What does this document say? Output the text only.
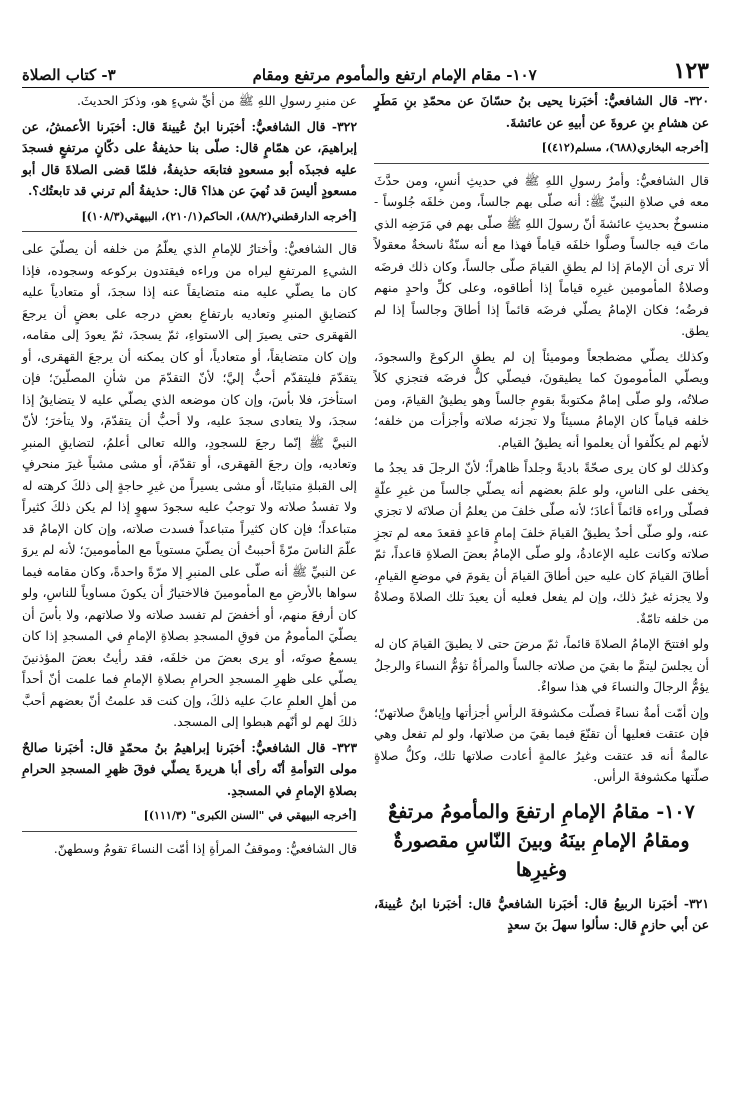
١٢٣
١٠٧- مقام الإمام ارتفع والمأموم مرتفع ومقام
٣- كتاب الصلاة

٣٢٠- قال الشافعيُّ: أخبَرنا يحيى بنُ حسّانَ عن محمّدِ بنِ مَطَرٍ عن هشامِ بنِ عروةَ عن أبيهِ عن عائشةَ.

[أخرجه البخاري(٦٨٨)، مسلم(٤١٢)]

قال الشافعيُّ: وأمرُ رسولِ اللهِ ﷺ في حديثِ أنسٍ، ومن حدَّثَ معه في صلاةِ النبيِّ ﷺ: أنه صلّى بهم جالساً، ومن خلفَه جُلوساً - منسوخٌ بحديثِ عائشةَ أنّ رسولَ اللهِ ﷺ صلّى بهم في مَرَضِه الذي ماتَ فيه جالساً وصلَّوا خلفَه قياماً فهذا مع أنه سنّةٌ ناسخةٌ معقولاً ألا ترى أن الإمامَ إذا لم يطقِ القيامَ صلّى جالساً، وكان ذلك فرضَه وصلاةُ المأمومين غيرِه قياماً إذا أطاقوه، وعلى كلِّ واحدٍ منهم فرضُه؛ فكان الإمامُ يصلّي فرضَه قائماً إذا أطاقَ وجالساً إذا لم يطق.

وكذلك يصلّي مضطجعاً وموميئاً إن لم يطقِ الركوعَ والسجودَ، ويصلّي المأمومونَ كما يطيقونَ، فيصلّي كلٌّ فرضَه فتجزي كلاً صلاتُه، ولو صلّى إمامٌ مكتوبةً بقومٍ جالساً وهو يطيقُ القيامَ، ومن خلفه قياماً كان الإمامُ مسيئاً ولا تجزئه صلاته وأجزأت من خلفه؛ لأنهم لم يكلّفوا أن يعلموا أنه يطيقُ القيام.

وكذلك لو كان يرى صحّةً باديةً وجلداً ظاهراً؛ لأنّ الرجلَ قد يجدُ ما يخفى على الناسِ، ولو علمَ بعضهم أنه يصلّي جالساً من غيرِ علّةٍ فصلّى وراءه قائماً أعادَ؛ لأنه صلّى خلفَ من يعلمُ أن صلاتَه لا تجزي عنه، ولو صلّى أحدٌ يطيقُ القيامَ خلفَ إمامٍ قاعدٍ فقعدَ معه لم تجزِ صلاته وكانت عليه الإعادةُ، ولو صلّى الإمامُ بعضَ الصلاةِ قاعداً، ثمّ أطاقَ القيامَ كان عليه حين أطاقَ القيامَ أن يقومَ في موضعِ القيامِ، ولا يجزئه غيرُ ذلك، وإن لم يفعل فعليه أن يعيدَ تلك الصلاةَ وصلاةُ من خلفه تامّةٌ.

ولو افتتحَ الإمامُ الصلاةَ قائماً، ثمّ مرضَ حتى لا يطيقَ القيامَ كان له أن يجلسَ ليتمَّ ما بقيَ من صلاته جالساً والمرأةُ تؤمُّ النساءَ والرجلُ يؤمُّ الرجالَ والنساءَ في هذا سواءٌ.

وإن أمّت أمةٌ نساءً فصلّت مكشوفةَ الرأسِ أجزأتها وإياهنَّ صلاتهنّ؛ فإن عتقت فعليها أن تقنّعَ فيما بقيَ من صلاتها، ولو لم تفعل وهي عالمةٌ أنه قد عتقت وغيرُ عالمةٍ أعادت صلاتها تلك، وكلُّ صلاةٍ صلّتها مكشوفةَ الرأس.

١٠٧- مقامُ الإمامِ ارتفعَ والمأمومُ مرتفعٌ ومقامُ الإمامِ بينَهُ وبينَ النّاسِ مقصورةٌ وغيرِها

٣٢١- أخبَرنا الربيعُ قال: أخبَرنا الشافعيُّ قال: أخبَرنا ابنُ عُيينةَ، عن أبي حازمٍ قال: سألوا سهلَ بنَ سعدٍ

عن منبرِ رسولِ اللهِ ﷺ من أيِّ شيءٍ هو، وذكرَ الحديثَ.

٣٢٢- قال الشافعيُّ: أخبَرنا ابنُ عُيينةَ قال: أخبَرنا الأعمشُ، عن إبراهيمَ، عن همّامٍ قال: صلّى بنا حذيفةُ على دكّانٍ مرتفعٍ فسجدَ عليه فجبذَه أبو مسعودٍ فتابعَه حذيفةُ، فلمّا قضى الصلاةَ قال أبو مسعودٍ أليسَ قد نُهيَ عن هذا؟ قال: حذيفةُ ألم ترني قد تابعتُك؟.

[أخرجه الدارقطني(٨٨/٢)، الحاكم(٢١٠/١)، البيهقي(١٠٨/٣)]

قال الشافعيُّ: وأختارُ للإمامِ الذي يعلّمُ من خلفه أن يصلّيَ على الشيءِ المرتفعِ ليراه من وراءه فيقتدون بركوعه وسجوده، فإذا كان ما يصلّي عليه منه متضايقاً عنه إذا سجدَ، أو متعادياً عليه كتضايقِ المنبرِ وتعاديه بارتفاعِ بعضِ درجه على بعضٍ أن يرجعَ القهقرى حتى يصيرَ إلى الاستواءِ، ثمّ يسجدَ، ثمّ يعودَ إلى مقامه، وإن كان متضايقاً، أو متعادياً، أو كان يمكنه أن يرجعَ القهقرى، أو يتقدّمَ فليتقدّم أحبُّ إليَّ؛ لأنّ التقدّمَ من شأنِ المصلّينَ؛ فإن استأخرَ، فلا بأسَ، وإن كان موضعه الذي يصلّي عليه لا يتضايقُ إذا سجدَ، ولا يتعادى سجدَ عليه، ولا أحبُّ أن يتقدّمَ، ولا يتأخرَ؛ لأنّ النبيَّ ﷺ إنّما رجعَ للسجودِ، والله تعالى أعلمُ، لتضايقِ المنبرِ وتعاديه، وإن رجعَ القهقرى، أو تقدّمَ، أو مشى مشياً غيرَ منحرفٍ إلى القبلةِ متباينًا، أو مشى يسيراً من غيرِ حاجةٍ إلى ذلكَ كرهته له ولا تفسدُ صلاته ولا توجبُ عليه سجودَ سهوٍ إذا لم يكن ذلكَ كثيراً متباعداً؛ فإن كان كثيراً متباعداً فسدت صلاته، وإن كان الإمامُ قد علّمَ الناسَ مرّةً أحببتُ أن يصلّيَ مستوياً مع المأمومينَ؛ لأنه لم يروَ عن النبيِّ ﷺ أنه صلّى على المنبرِ إلا مرّةً واحدةً، وكان مقامه فيما سواها بالأرضِ مع المأمومينَ فالاختيارُ أن يكونَ مساوياً للناسِ، ولو كان أرفعَ منهم، أو أخفضَ لم تفسد صلاته ولا صلاتهم، ولا بأسَ أن يصلّيَ المأمومُ من فوقِ المسجدِ بصلاةِ الإمامِ في المسجدِ إذا كان يسمعُ صوتَه، أو يرى بعضَ من خلفَه، فقد رأيتُ بعضَ المؤذنينَ يصلّي على ظهرِ المسجدِ الحرامِ بصلاةِ الإمامِ فما علمت أنّ أحداً من أهلِ العلمِ عابَ عليه ذلكَ، وإن كنت قد علمتُ أنّ بعضهم أحبَّ ذلكَ لهم لو أنّهم هبطوا إلى المسجد.

٣٢٣- قال الشافعيُّ: أخبَرنا إبراهيمُ بنُ محمّدٍ قال: أخبَرنا صالحٌ مولى التوأمةِ أنّه رأى أبا هريرةَ يصلّي فوقَ ظهرِ المسجدِ الحرامِ بصلاةِ الإمامِ في المسجدِ.

[أخرجه البيهقي في "السنن الكبرى" (١١١/٣)]

قال الشافعيُّ: وموقفُ المرأةِ إذا أمّت النساءَ تقومُ وسطهنّ.
